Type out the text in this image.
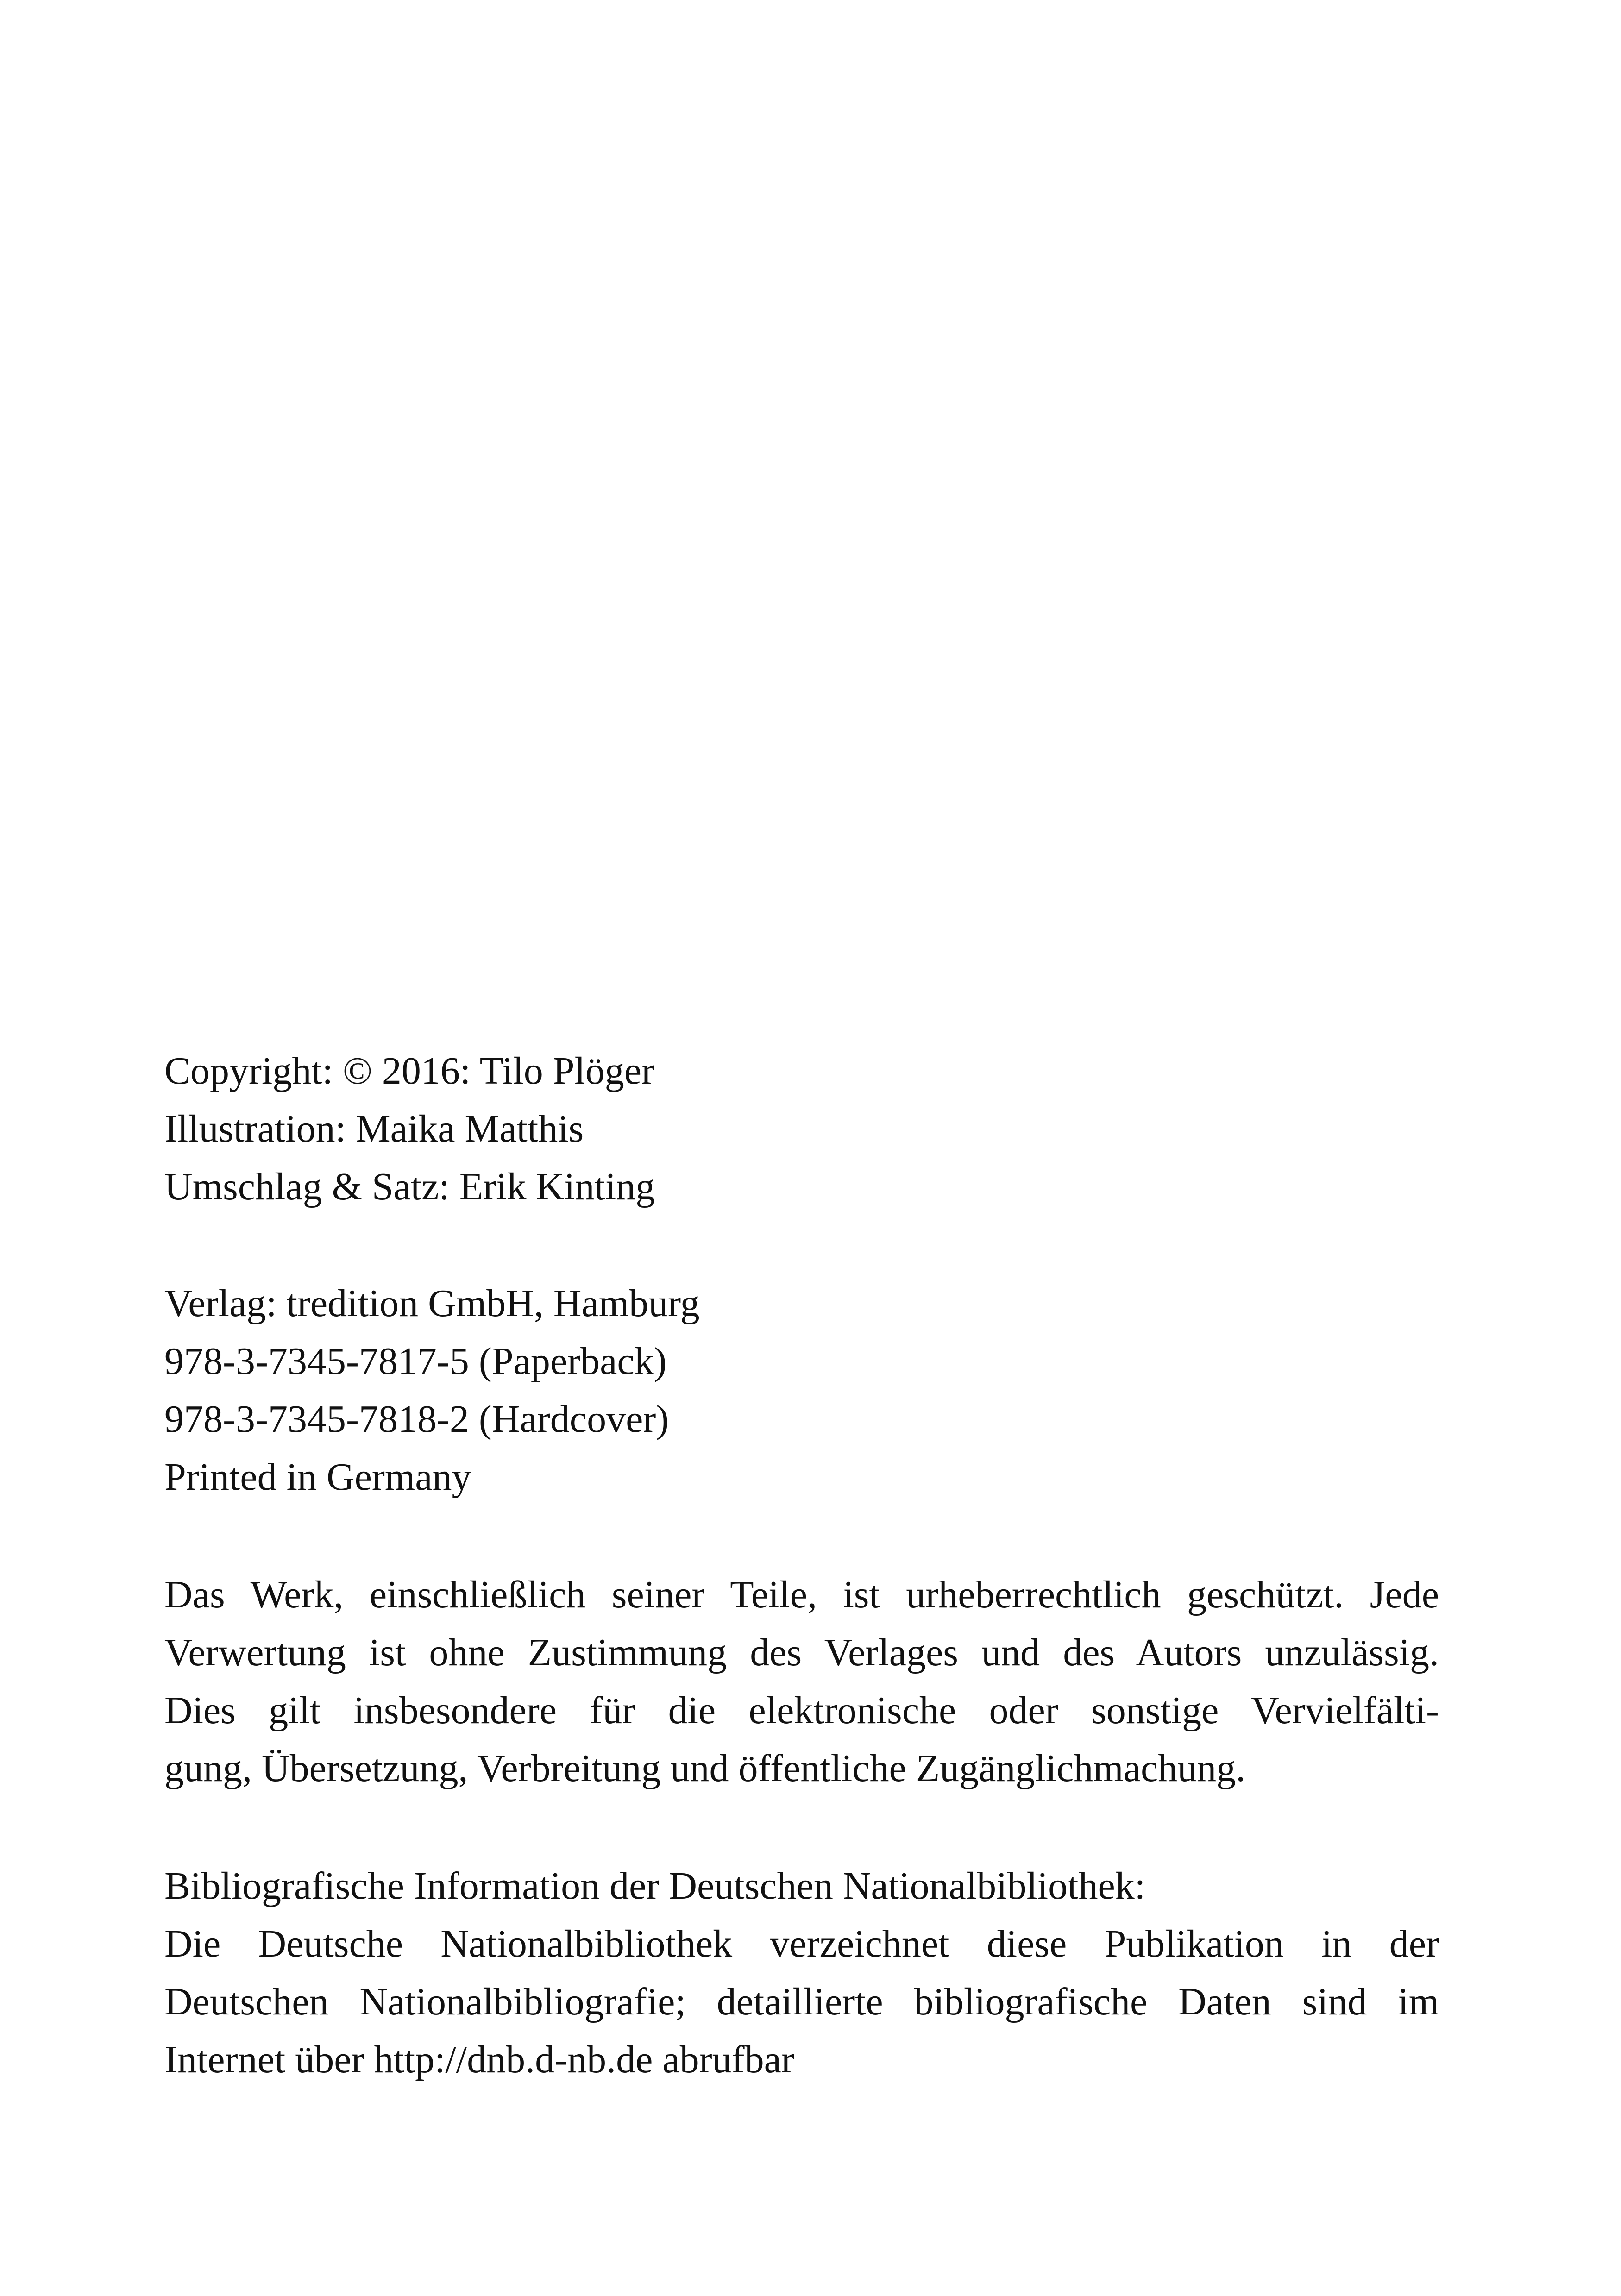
Copyright: © 2016: Tilo Plöger
Illustration: Maika Matthis
Umschlag & Satz: Erik Kinting
Verlag: tredition GmbH, Hamburg
978-3-7345-7817-5 (Paperback)
978-3-7345-7818-2 (Hardcover)
Printed in Germany
Das Werk, einschließlich seiner Teile, ist urheberrechtlich geschützt. Jede
Verwertung ist ohne Zustimmung des Verlages und des Autors unzulässig.
Dies gilt insbesondere für die elektronische oder sonstige Vervielfälti-
gung, Übersetzung, Verbreitung und öffentliche Zugänglichmachung.
Bibliografische Information der Deutschen Nationalbibliothek:
Die Deutsche Nationalbibliothek verzeichnet diese Publikation in der
Deutschen Nationalbibliografie; detaillierte bibliografische Daten sind im
Internet über http://dnb.d-nb.de abrufbar
